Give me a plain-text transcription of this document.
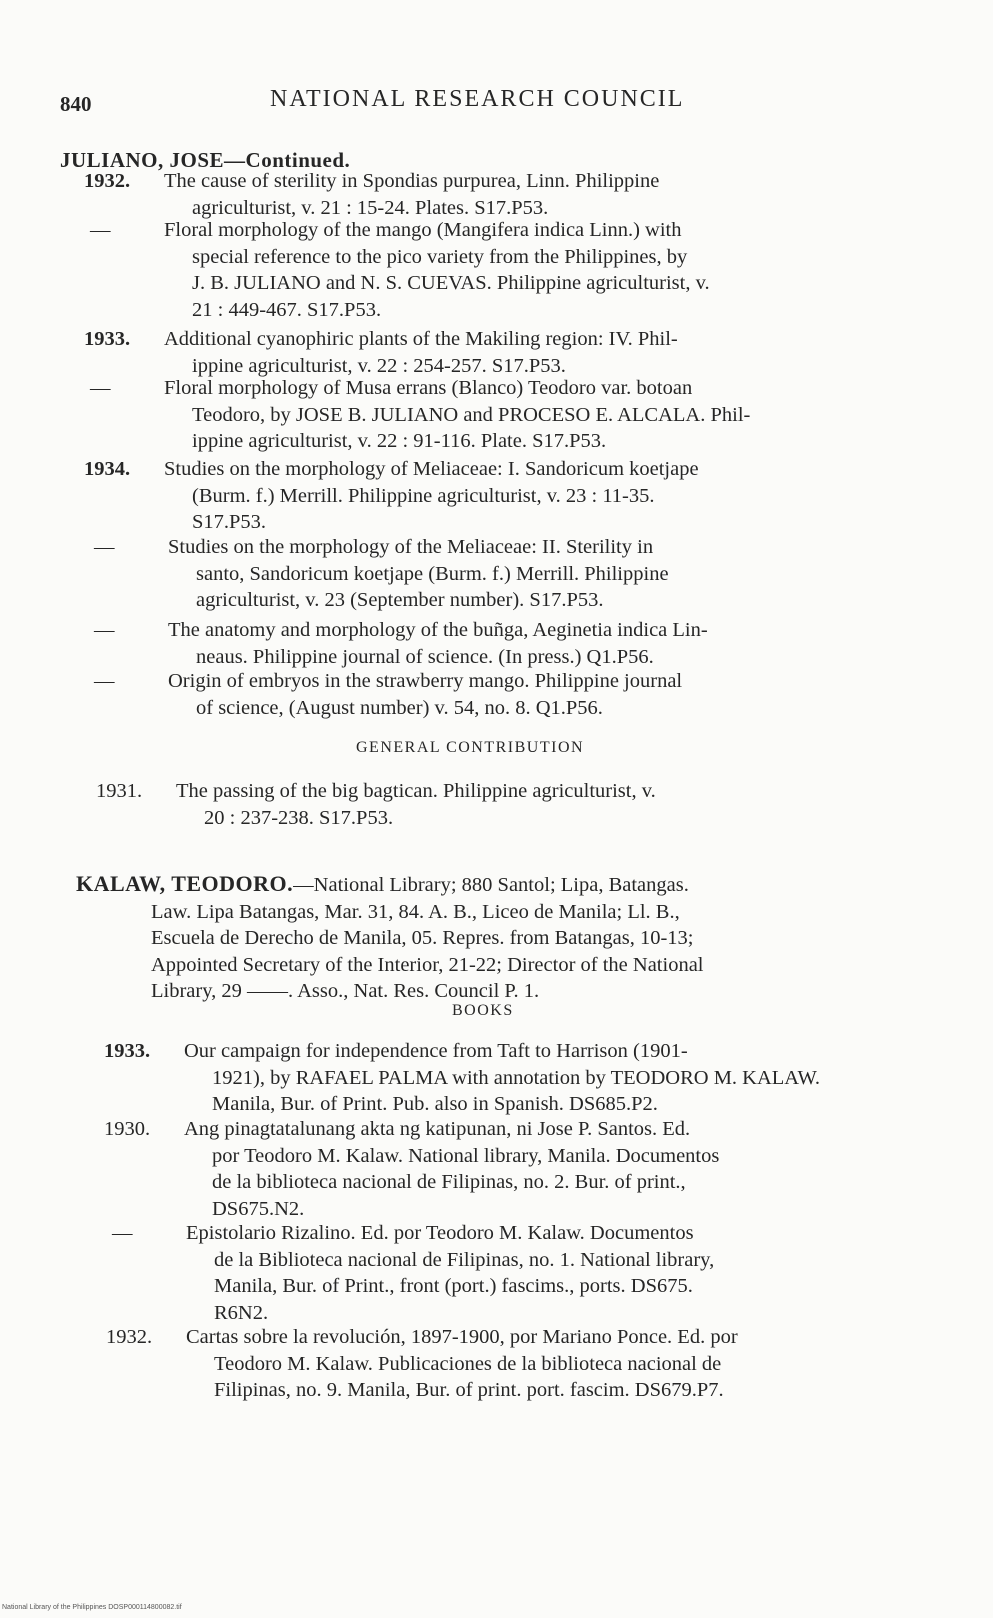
840	NATIONAL RESEARCH COUNCIL
JULIANO, JOSE—Continued.
1932.	The cause of sterility in Spondias purpurea, Linn. Philippine
agriculturist, v. 21 : 15-24. Plates. S17.P53.
—	Floral morphology of the mango (Mangifera indica Linn.) with
special reference to the pico variety from the Philippines, by
J. B. JULIANO and N. S. CUEVAS. Philippine agriculturist, v.
21 : 449-467. S17.P53.
1933.	Additional cyanophiric plants of the Makiling region: IV. Phil-
ippine agriculturist, v. 22 : 254-257. S17.P53.
—	Floral morphology of Musa errans (Blanco) Teodoro var. botoan
Teodoro, by JOSE B. JULIANO and PROCESO E. ALCALA. Phil-
ippine agriculturist, v. 22 : 91-116. Plate. S17.P53.
1934.	Studies on the morphology of Meliaceae: I. Sandoricum koetjape
(Burm. f.) Merrill. Philippine agriculturist, v. 23 : 11-35.
S17.P53.
—	Studies on the morphology of the Meliaceae: II. Sterility in
santo, Sandoricum koetjape (Burm. f.) Merrill. Philippine
agriculturist, v. 23 (September number). S17.P53.
—	The anatomy and morphology of the buñga, Aeginetia indica Lin-
neaus. Philippine journal of science. (In press.) Q1.P56.
—	Origin of embryos in the strawberry mango. Philippine journal
of science, (August number) v. 54, no. 8. Q1.P56.
GENERAL CONTRIBUTION
1931.	The passing of the big bagtican. Philippine agriculturist, v.
20 : 237-238. S17.P53.
KALAW, TEODORO.—National Library; 880 Santol; Lipa, Batangas.
Law. Lipa Batangas, Mar. 31, 84. A. B., Liceo de Manila; Ll. B.,
Escuela de Derecho de Manila, 05. Repres. from Batangas, 10-13;
Appointed Secretary of the Interior, 21-22; Director of the National
Library, 29 ——. Asso., Nat. Res. Council P. 1.
BOOKS
1933.	Our campaign for independence from Taft to Harrison (1901-
1921), by RAFAEL PALMA with annotation by TEODORO M. KALAW.
Manila, Bur. of Print. Pub. also in Spanish. DS685.P2.
1930.	Ang pinagtatalunang akta ng katipunan, ni Jose P. Santos. Ed.
por Teodoro M. Kalaw. National library, Manila. Documentos
de la biblioteca nacional de Filipinas, no. 2. Bur. of print.,
DS675.N2.
—	Epistolario Rizalino. Ed. por Teodoro M. Kalaw. Documentos
de la Biblioteca nacional de Filipinas, no. 1. National library,
Manila, Bur. of Print., front (port.) fascims., ports. DS675.
R6N2.
1932.	Cartas sobre la revolución, 1897-1900, por Mariano Ponce. Ed. por
Teodoro M. Kalaw. Publicaciones de la biblioteca nacional de
Filipinas, no. 9. Manila, Bur. of print. port. fascim. DS679.P7.
National Library of the Philippines DOSP000114800082.tif
